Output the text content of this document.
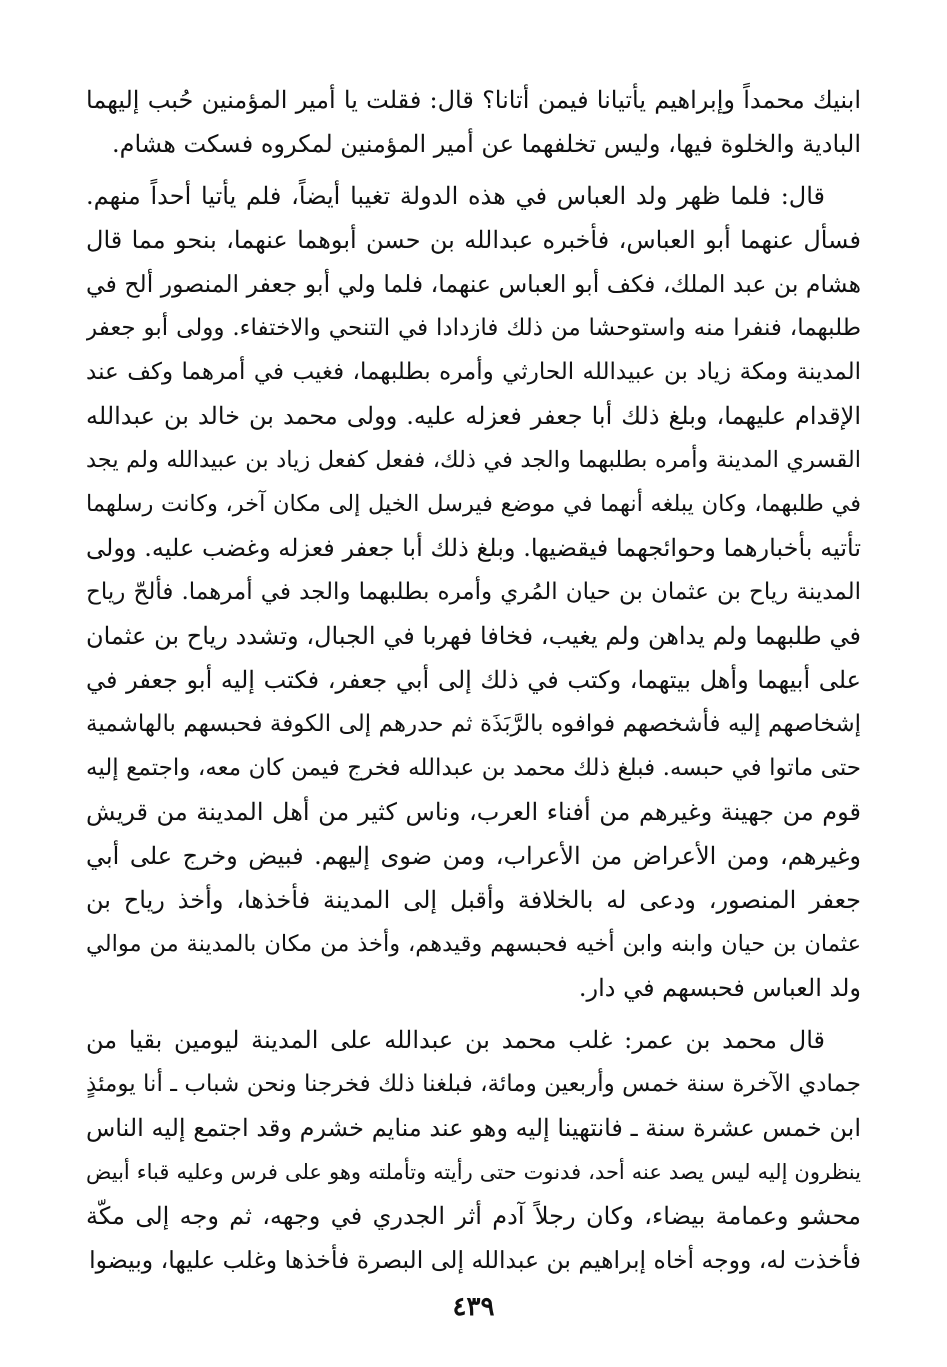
ابنيك محمداً وإبراهيم يأتيانا فيمن أتانا؟ قال: فقلت يا أمير المؤمنين حُبب إليهما
البادية والخلوة فيها، وليس تخلفهما عن أمير المؤمنين لمكروه فسكت هشام.
قال: فلما ظهر ولد العباس في هذه الدولة تغيبا أيضاً، فلم يأتيا أحداً منهم.
فسأل عنهما أبو العباس، فأخبره عبدالله بن حسن أبوهما عنهما، بنحو مما قال
هشام بن عبد الملك، فكف أبو العباس عنهما، فلما ولي أبو جعفر المنصور ألح في
طلبهما، فنفرا منه واستوحشا من ذلك فازدادا في التنحي والاختفاء. وولى أبو جعفر
المدينة ومكة زياد بن عبيدالله الحارثي وأمره بطلبهما، فغيب في أمرهما وكف عند
الإقدام عليهما، وبلغ ذلك أبا جعفر فعزله عليه. وولى محمد بن خالد بن عبدالله
القسري المدينة وأمره بطلبهما والجد في ذلك، ففعل كفعل زياد بن عبيدالله ولم يجد
في طلبهما، وكان يبلغه أنهما في موضع فيرسل الخيل إلى مكان آخر، وكانت رسلهما
تأتيه بأخبارهما وحوائجهما فيقضيها. وبلغ ذلك أبا جعفر فعزله وغضب عليه. وولى
المدينة رياح بن عثمان بن حيان المُري وأمره بطلبهما والجد في أمرهما. فألحّ رياح
في طلبهما ولم يداهن ولم يغيب، فخافا فهربا في الجبال، وتشدد رياح بن عثمان
على أبيهما وأهل بيتهما، وكتب في ذلك إلى أبي جعفر، فكتب إليه أبو جعفر في
إشخاصهم إليه فأشخصهم فوافوه بالرَّبَذَة ثم حدرهم إلى الكوفة فحبسهم بالهاشمية
حتى ماتوا في حبسه. فبلغ ذلك محمد بن عبدالله فخرج فيمن كان معه، واجتمع إليه
قوم من جهينة وغيرهم من أفناء العرب، وناس كثير من أهل المدينة من قريش
وغيرهم، ومن الأعراض من الأعراب، ومن ضوى إليهم. فبيض وخرج على أبي
جعفر المنصور، ودعى له بالخلافة وأقبل إلى المدينة فأخذها، وأخذ رياح بن
عثمان بن حيان وابنه وابن أخيه فحبسهم وقيدهم، وأخذ من مكان بالمدينة من موالي
ولد العباس فحبسهم في دار.
قال محمد بن عمر: غلب محمد بن عبدالله على المدينة ليومين بقيا من
جمادي الآخرة سنة خمس وأربعين ومائة، فبلغنا ذلك فخرجنا ونحن شباب ـ أنا يومئذٍ
ابن خمس عشرة سنة ـ فانتهينا إليه وهو عند منايم خشرم وقد اجتمع إليه الناس
ينظرون إليه ليس يصد عنه أحد، فدنوت حتى رأيته وتأملته وهو على فرس وعليه قباء أبيض
محشو وعمامة بيضاء، وكان رجلاً آدم أثر الجدري في وجهه، ثم وجه إلى مكّة
فأخذت له، ووجه أخاه إبراهيم بن عبدالله إلى البصرة فأخذها وغلب عليها، وبيضوا
٤٣٩
